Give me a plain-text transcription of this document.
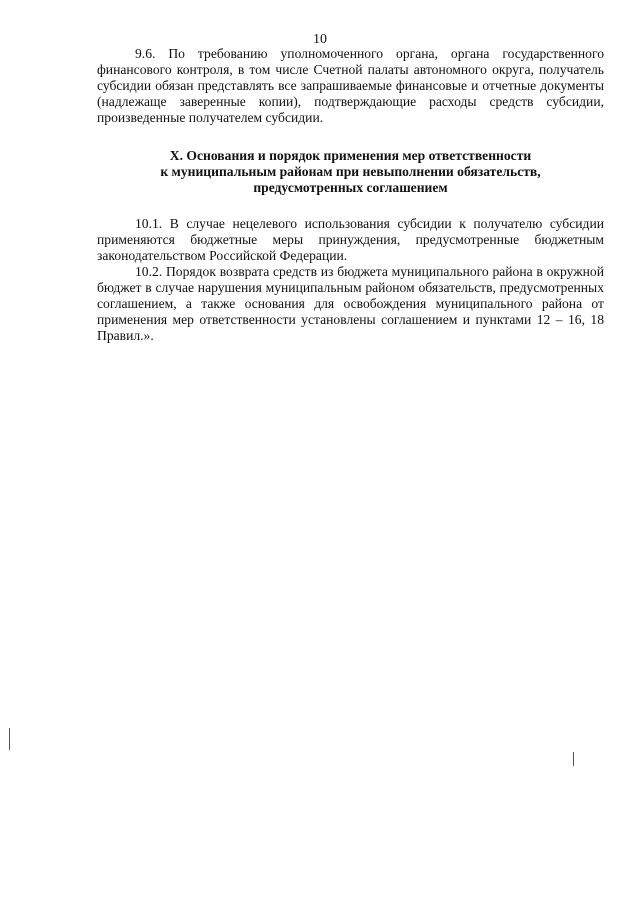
10

9.6. По требованию уполномоченного органа, органа государственного финансового контроля, в том числе Счетной палаты автономного округа, получатель субсидии обязан представлять все запрашиваемые финансовые и отчетные документы (надлежаще заверенные копии), подтверждающие расходы средств субсидии, произведенные получателем субсидии.

X. Основания и порядок применения мер ответственности
к муниципальным районам при невыполнении обязательств,
предусмотренных соглашением

10.1. В случае нецелевого использования субсидии к получателю субсидии применяются бюджетные меры принуждения, предусмотренные бюджетным законодательством Российской Федерации.

10.2. Порядок возврата средств из бюджета муниципального района в окружной бюджет в случае нарушения муниципальным районом обязательств, предусмотренных соглашением, а также основания для освобождения муниципального района от применения мер ответственности установлены соглашением и пунктами 12 – 16, 18 Правил.».
